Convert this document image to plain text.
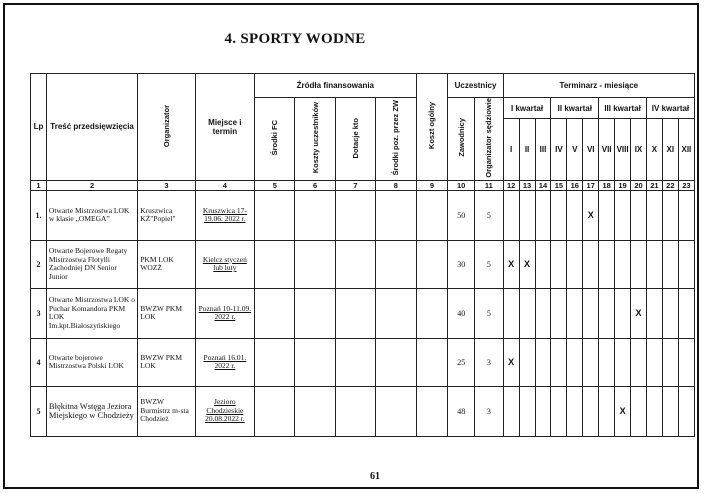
4. SPORTY WODNE
Lp	Treść przedsięwzięcia	Organizator	Miejsce i termin	Źródła finansowania				Koszt ogólny	Uczestnicy		Terminarz - miesiące											
				Środki FC	Koszty uczestników	Dotacje kto	Środki poz. przez ZW		Zawodnicy	Organizator sędziowie	I kwartał			II kwartał			III kwartał			IV kwartał		
											I	II	III	IV	V	VI	VII	VIII	IX	X	XI	XII
1	2	3	4	5	6	7	8	9	10	11	12	13	14	15	16	17	18	19	20	21	22	23
1.	Otwarte Mistrzostwa LOK w klasie „OMEGA”	Kruszwica KŻ"Popiel"	Kruszwica 17-19.06. 2022 r.						50	5						X						
2	Otwarte Bojerowe Regaty Mistrzostwa Flotylli Zachodniej DN Senior Junior	PKM LOK WOZŻ	Kielcz styczeń lub luty						30	5	X	X										
3	Otwarte Mistrzostwa LOK o Puchar Komandora PKM LOK Im.kpt.Białoszyńskiego	BWZW PKM LOK	Poznań 10-11.09. 2022 r.						40	5									X			
4	Otwarte bojerowe Mistrzostwa Polski LOK	BWZW PKM LOK	Poznań 16.01. 2022 r.						25	3	X											
5	Błękitna Wstęga Jeziora Miejskiego w Chodzieży	BWZW Burmistrz m-sta Chodzież	Jezioro Chodzieskie 20.08.2022 r.						48	3								X				
61
